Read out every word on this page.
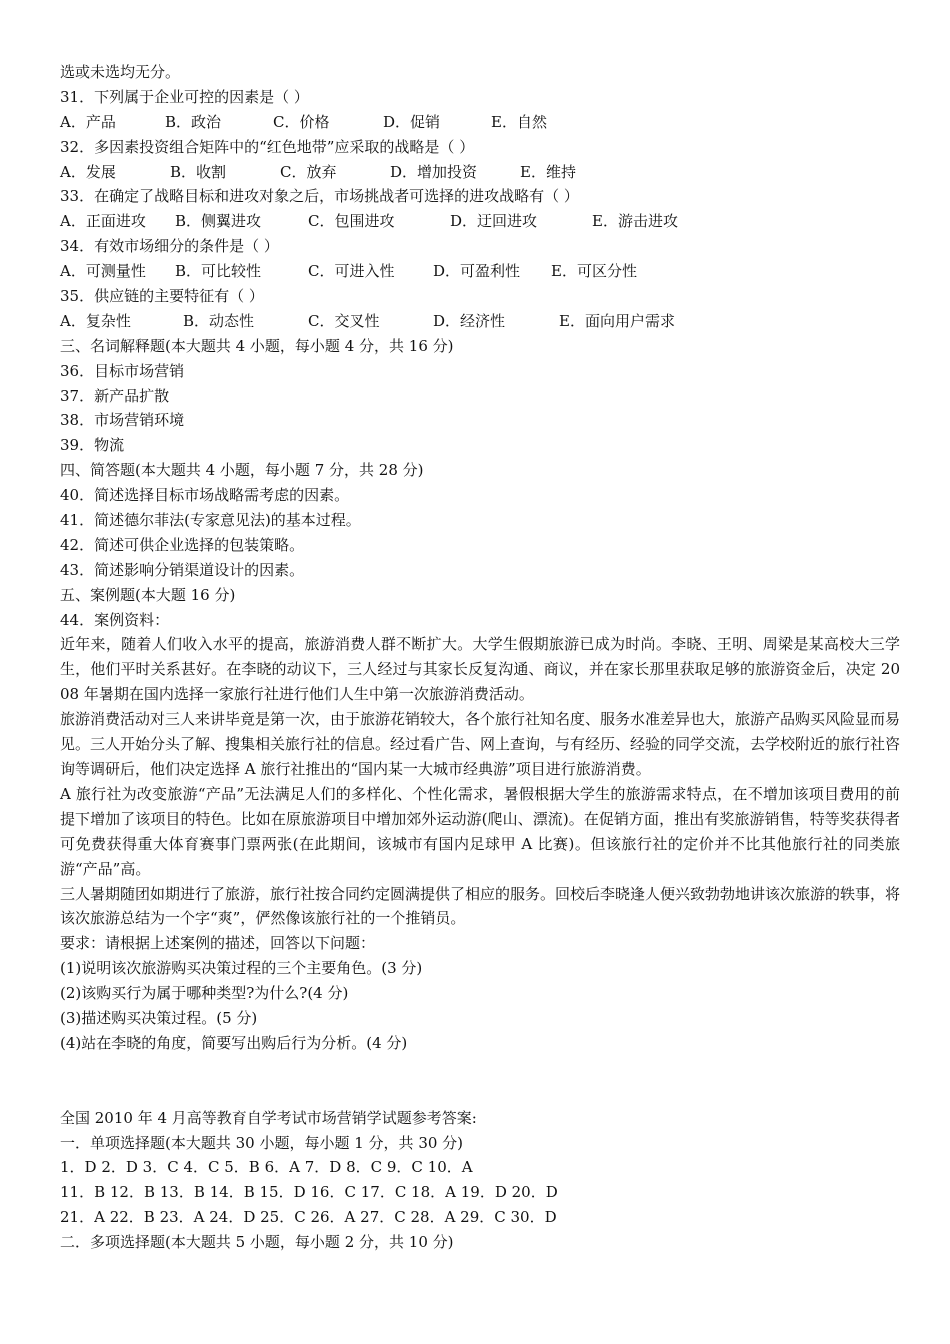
选或未选均无分。
31．下列属于企业可控的因素是（ ）
A．产品	B．政治	C．价格	D．促销	E．自然
32．多因素投资组合矩阵中的“红色地带”应采取的战略是（ ）
A．发展	B．收割	C．放弃	D．增加投资	E．维持
33．在确定了战略目标和进攻对象之后，市场挑战者可选择的进攻战略有（ ）
A．正面进攻	B．侧翼进攻	C．包围进攻	D．迂回进攻	E．游击进攻
34．有效市场细分的条件是（ ）
A．可测量性	B．可比较性	C．可进入性	D．可盈利性	E．可区分性
35．供应链的主要特征有（ ）
A．复杂性	B．动态性	C．交叉性	D．经济性	E．面向用户需求
三、名词解释题(本大题共 4 小题，每小题 4 分，共 16 分)
36．目标市场营销
37．新产品扩散
38．市场营销环境
39．物流
四、简答题(本大题共 4 小题，每小题 7 分，共 28 分)
40．简述选择目标市场战略需考虑的因素。
41．简述德尔菲法(专家意见法)的基本过程。
42．简述可供企业选择的包装策略。
43．简述影响分销渠道设计的因素。
五、案例题(本大题 16 分)
44．案例资料：
近年来，随着人们收入水平的提高，旅游消费人群不断扩大。大学生假期旅游已成为时尚。李晓、王明、周梁是某高校大三学生，他们平时关系甚好。在李晓的动议下，三人经过与其家长反复沟通、商议，并在家长那里获取足够的旅游资金后，决定 2008 年暑期在国内选择一家旅行社进行他们人生中第一次旅游消费活动。
旅游消费活动对三人来讲毕竟是第一次，由于旅游花销较大，各个旅行社知名度、服务水准差异也大，旅游产品购买风险显而易见。三人开始分头了解、搜集相关旅行社的信息。经过看广告、网上查询，与有经历、经验的同学交流，去学校附近的旅行社咨询等调研后，他们决定选择 A 旅行社推出的“国内某一大城市经典游”项目进行旅游消费。
A 旅行社为改变旅游“产品”无法满足人们的多样化、个性化需求，暑假根据大学生的旅游需求特点，在不增加该项目费用的前提下增加了该项目的特色。比如在原旅游项目中增加郊外运动游(爬山、漂流)。在促销方面，推出有奖旅游销售，特等奖获得者可免费获得重大体育赛事门票两张(在此期间，该城市有国内足球甲 A 比赛)。但该旅行社的定价并不比其他旅行社的同类旅游“产品”高。
三人暑期随团如期进行了旅游，旅行社按合同约定圆满提供了相应的服务。回校后李晓逢人便兴致勃勃地讲该次旅游的轶事，将该次旅游总结为一个字“爽”，俨然像该旅行社的一个推销员。
要求：请根据上述案例的描述，回答以下问题：
(1)说明该次旅游购买决策过程的三个主要角色。(3 分)
(2)该购买行为属于哪种类型?为什么?(4 分)
(3)描述购买决策过程。(5 分)
(4)站在李晓的角度，简要写出购后行为分析。(4 分)
全国 2010 年 4 月高等教育自学考试市场营销学试题参考答案:
一．单项选择题(本大题共 30 小题，每小题 1 分，共 30 分)
1．D 2．D 3．C 4．C 5．B 6．A 7．D 8．C 9．C 10．A
11．B 12．B 13．B 14．B 15．D 16．C 17．C 18．A 19．D 20．D
21．A 22．B 23．A 24．D 25．C 26．A 27．C 28．A 29．C 30．D
二．多项选择题(本大题共 5 小题，每小题 2 分，共 10 分)
